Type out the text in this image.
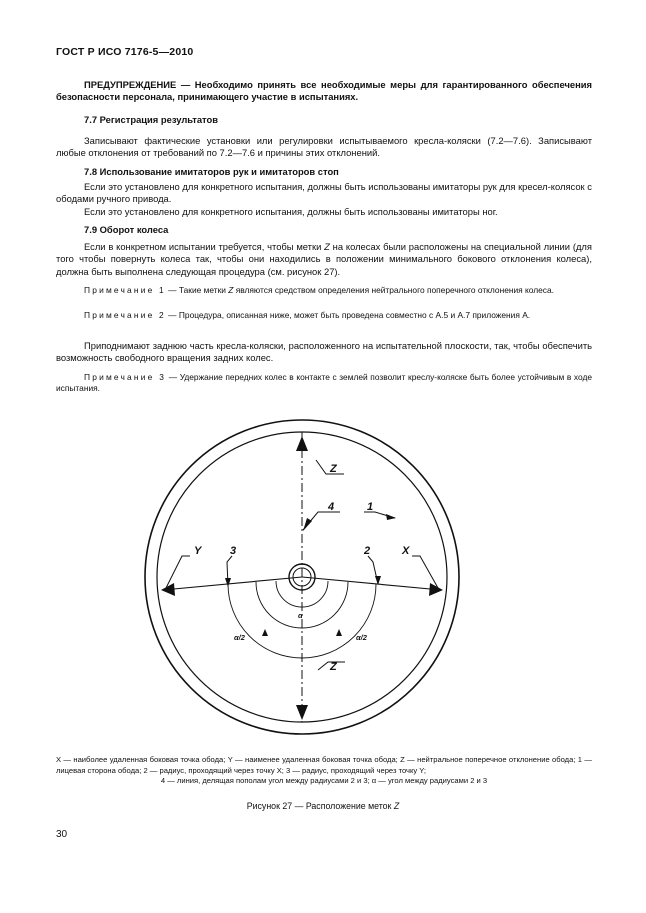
ГОСТ Р ИСО 7176-5—2010

ПРЕДУПРЕЖДЕНИЕ — Необходимо принять все необходимые меры для гарантированного обеспечения безопасности персонала, принимающего участие в испытаниях.

7.7 Регистрация результатов

Записывают фактические установки или регулировки испытываемого кресла-коляски (7.2—7.6). Записывают любые отклонения от требований по 7.2—7.6 и причины этих отклонений.

7.8 Использование имитаторов рук и имитаторов стоп

Если это установлено для конкретного испытания, должны быть использованы имитаторы рук для кресел-колясок с ободами ручного привода.

Если это установлено для конкретного испытания, должны быть использованы имитаторы ног.

7.9 Оборот колеса

Если в конкретном испытании требуется, чтобы метки Z на колесах были расположены на специальной линии (для того чтобы повернуть колеса так, чтобы они находились в положении минимального бокового отклонения колеса), должна быть выполнена следующая процедура (см. рисунок 27).

Примечание 1 — Такие метки Z являются средством определения нейтрального поперечного отклонения колеса.

Примечание 2 — Процедура, описанная ниже, может быть проведена совместно с А.5 и А.7 приложения А.

Приподнимают заднюю часть кресла-коляски, расположенного на испытательной плоскости, так, чтобы обеспечить возможность свободного вращения задних колес.

Примечание 3 — Удержание передних колес в контакте с землей позволит креслу-коляске быть более устойчивым в ходе испытания.

Z
Z
Y	X
1
2
3
4
α
α/2	α/2

X — наиболее удаленная боковая точка обода; Y — наименее удаленная боковая точка обода; Z — нейтральное поперечное отклонение обода; 1 — лицевая сторона обода; 2 — радиус, проходящий через точку X; 3 — радиус, проходящий через точку Y;

4 — линия, делящая пополам угол между радиусами 2 и 3; α — угол между радиусами 2 и 3

Рисунок 27 — Расположение меток Z
30
